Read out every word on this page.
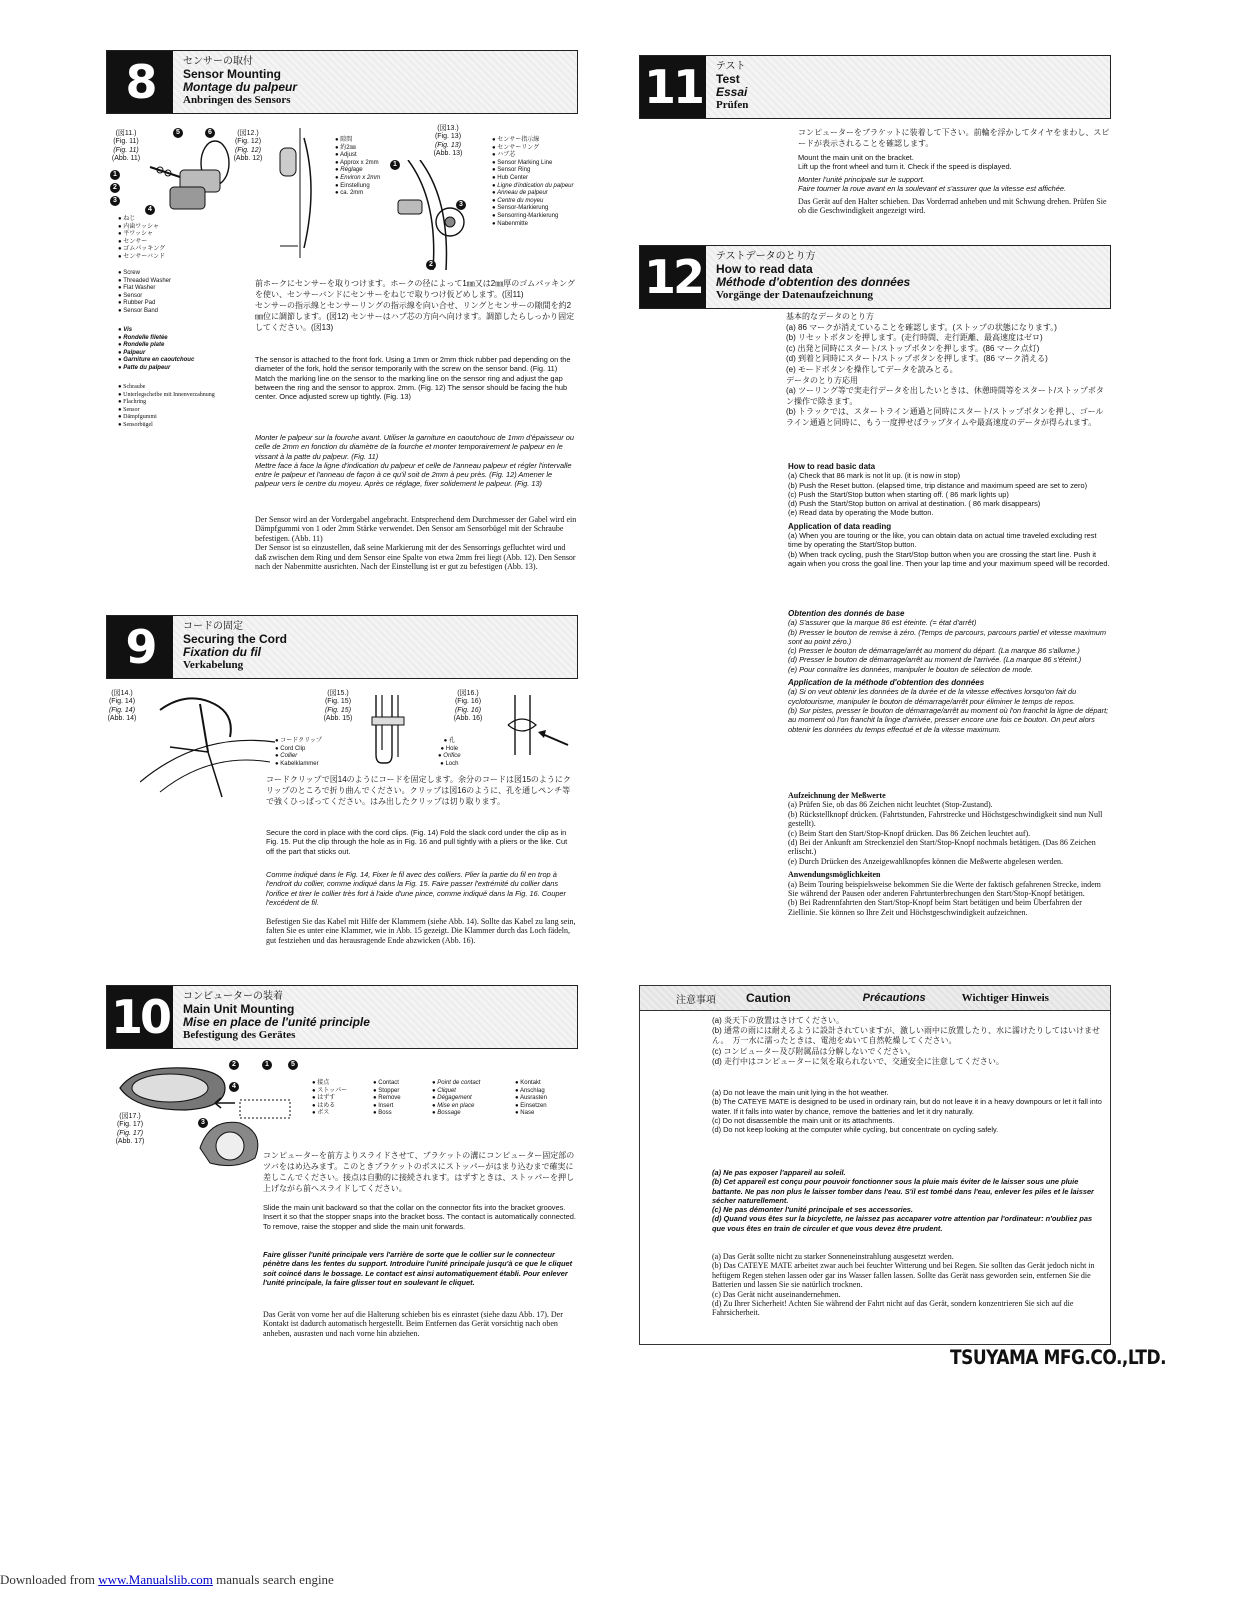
8	センサーの取付
Sensor Mounting
Montage du palpeur
Anbringen des Sensors
(図11.)
(Fig. 11)
(Fig. 11)
(Abb. 11)
1
2
3
4
5	6
● ねじ
● 内歯ワッシャ
● 平ワッシャ
● センサー
● ゴムパッキング
● センサーバンド
● Screw
● Threaded Washer
● Flat Washer
● Sensor
● Rubber Pad
● Sensor Band
● Vis
● Rondelle filetée
● Rondelle plate
● Palpeur
● Garniture en caoutchouc
● Patte du palpeur
● Schraube
● Unterlegscheibe mit Innenverzahnung
● Flachring
● Sensor
● Dämpfgummi
● Sensorbügel
(図12.)
(Fig. 12)
(Fig. 12)
(Abb. 12)
● 隙間
● 約2㎜
● Adjust
● Approx x 2mm
● Réglage
● Environ x 2mm
● Einstellung
● ca. 2mm
(図13.)
(Fig. 13)
(Fig. 13)
(Abb. 13)
1
2
3
● センサー指示線
● センサーリング
● ハブ芯
● Sensor Marking Line
● Sensor Ring
● Hub Center
● Ligne d'indication du palpeur
● Anneau de palpeur
● Centre du moyeu
● Sensor-Markierung
● Sensorring-Markierung
● Nabenmitte

前ホークにセンサーを取りつけます。ホークの径によって1㎜又は2㎜厚のゴムパッキングを使い、センサーバンドにセンサーをねじで取りつけ仮どめします。(図11)

センサーの指示線とセンサーリングの指示線を向い合せ、リングとセンサーの隙間を約2㎜位に調節します。(図12) センサーはハブ芯の方向へ向けます。調節したらしっかり固定してください。(図13)

The sensor is attached to the front fork. Using a 1mm or 2mm thick rubber pad depending on the diameter of the fork, hold the sensor temporarily with the screw on the sensor band. (Fig. 11)

Match the marking line on the sensor to the marking line on the sensor ring and adjust the gap between the ring and the sensor to approx. 2mm. (Fig. 12) The sensor should be facing the hub center. Once adjusted screw up tightly. (Fig. 13)

Monter le palpeur sur la fourche avant. Utiliser la garniture en caoutchouc de 1mm d'épaisseur ou celle de 2mm en fonction du diamètre de la fourche et monter temporairement le palpeur en le vissant à la patte du palpeur. (Fig. 11)

Mettre face à face la ligne d'indication du palpeur et celle de l'anneau palpeur et régler l'intervalle entre le palpeur et l'anneau de façon à ce qu'il soit de 2mm à peu près. (Fig. 12) Amener le palpeur vers le centre du moyeu. Après ce réglage, fixer solidement le palpeur. (Fig. 13)

Der Sensor wird an der Vordergabel angebracht. Entsprechend dem Durchmesser der Gabel wird ein Dämpfgummi von 1 oder 2mm Stärke verwendet. Den Sensor am Sensorbügel mit der Schraube befestigen. (Abb. 11)

Der Sensor ist so einzustellen, daß seine Markierung mit der des Sensorrings gefluchtet wird und daß zwischen dem Ring und dem Sensor eine Spalte von etwa 2mm frei liegt (Abb. 12). Den Sensor nach der Nabenmitte ausrichten. Nach der Einstellung ist er gut zu befestigen (Abb. 13).

9	コードの固定
Securing the Cord
Fixation du fil
Verkabelung
(図14.)
(Fig. 14)
(Fig. 14)
(Abb. 14)
(図15.)
(Fig. 15)
(Fig. 15)
(Abb. 15)
● コードクリップ
● Cord Clip
● Collier
● Kabelklammer
(図16.)
(Fig. 16)
(Fig. 16)
(Abb. 16)
● 孔
● Hole
● Orifice
● Loch

コードクリップで図14のようにコードを固定します。余分のコードは図15のようにクリップのところで折り曲んでください。クリップは図16のように、孔を通しペンチ等で強くひっぱってください。はみ出したクリップは切り取ります。

Secure the cord in place with the cord clips. (Fig. 14) Fold the slack cord under the clip as in Fig. 15. Put the clip through the hole as in Fig. 16 and pull tightly with a pliers or the like. Cut off the part that sticks out.

Comme indiqué dans le Fig. 14, Fixer le fil avec des colliers. Plier la partie du fil en trop à l'endroit du collier, comme indiqué dans la Fig. 15. Faire passer l'extrémité du collier dans l'orifice et tirer le collier très fort à l'aide d'une pince, comme indiqué dans la Fig. 16. Couper l'excédent de fil.

Befestigen Sie das Kabel mit Hilfe der Klammern (siehe Abb. 14). Sollte das Kabel zu lang sein, falten Sie es unter eine Klammer, wie in Abb. 15 gezeigt. Die Klammer durch das Loch fädeln, gut festziehen und das herausragende Ende abzwicken (Abb. 16).

10	コンピューターの装着
Main Unit Mounting
Mise en place de l'unité principle
Befestigung des Gerätes
2	1	5
4
3
(図17.)
(Fig. 17)
(Fig. 17)
(Abb. 17)
● 接点
● ストッパー
● はずす
● はめる
● ボス
● Contact
● Stopper
● Remove
● Insert
● Boss
● Point de contact
● Cliquet
● Dégagement
● Mise en place
● Bossage
● Kontakt
● Anschlag
● Ausrasten
● Einsetzen
● Nase

コンピューターを前方よりスライドさせて、ブラケットの溝にコンピューター固定部のツバをはめ込みます。このときブラケットのボスにストッパーがはまり込むまで確実に差しこんでください。接点は自動的に接続されます。はずすときは、ストッパーを押し上げながら前へスライドしてください。

Slide the main unit backward so that the collar on the connector fits into the bracket grooves. Insert it so that the stopper snaps into the bracket boss. The contact is automatically connected. To remove, raise the stopper and slide the main unit forwards.

Faire glisser l'unité principale vers l'arrière de sorte que le collier sur le connecteur pénètre dans les fentes du support. Introduire l'unité principale jusqu'à ce que le cliquet soit coincé dans le bossage. Le contact est ainsi automatiquement établi. Pour enlever l'unité principale, la faire glisser tout en soulevant le cliquet.

Das Gerät von vorne her auf die Halterung schieben bis es einrastet (siehe dazu Abb. 17). Der Kontakt ist dadurch automatisch hergestellt. Beim Entfernen das Gerät vorsichtig nach oben anheben, ausrasten und nach vorne hin abziehen.

11	テスト
Test
Essai
Prüfen

コンピューターをブラケットに装着して下さい。前輪を浮かしてタイヤをまわし、スピードが表示されることを確認します。

Mount the main unit on the bracket.

Lift up the front wheel and turn it. Check if the speed is displayed.

Monter l'unité principale sur le support.

Faire tourner la roue avant en la soulevant et s'assurer que la vitesse est affichée.

Das Gerät auf den Halter schieben. Das Vorderrad anheben und mit Schwung drehen. Prüfen Sie ob die Geschwindigkeit angezeigt wird.

12	テストデータのとり方
How to read data
Méthode d'obtention des données
Vorgänge der Datenaufzeichnung

基本的なデータのとり方

(a) 86 マークが消えていることを確認します。(ストップの状態になります。)

(b) リセットボタンを押します。(走行時間、走行距離、最高速度はゼロ)

(c) 出発と同時にスタート/ストップボタンを押します。(86 マーク点灯)

(d) 到着と同時にスタート/ストップボタンを押します。(86 マーク消える)

(e) モードボタンを操作してデータを読みとる。

データのとり方応用

(a) ツーリング等で実走行データを出したいときは、休憩時間等をスタート/ストップボタン操作で除きます。

(b) トラックでは、スタートライン通過と同時にスタート/ストップボタンを押し、ゴールライン通過と同時に、もう一度押せばラップタイムや最高速度のデータが得られます。

How to read basic data

(a) Check that 86 mark is not lit up. (it is now in stop)

(b) Push the Reset button. (elapsed time, trip distance and maximum speed are set to zero)

(c) Push the Start/Stop button when starting off. ( 86 mark lights up)

(d) Push the Start/Stop button on arrival at destination. ( 86 mark disappears)

(e) Read data by operating the Mode button.

Application of data reading

(a) When you are touring or the like, you can obtain data on actual time traveled excluding rest time by operating the Start/Stop button.

(b) When track cycling, push the Start/Stop button when you are crossing the start line. Push it again when you cross the goal line. Then your lap time and your maximum speed will be recorded.

Obtention des donnés de base

(a) S'assurer que la marque 86 est éteinte. (= état d'arrêt)

(b) Presser le bouton de remise à zéro. (Temps de parcours, parcours partiel et vitesse maximum sont au point zéro.)

(c) Presser le bouton de démarrage/arrêt au moment du départ. (La marque 86 s'allume.)

(d) Presser le bouton de démarrage/arrêt au moment de l'arrivée. (La marque 86 s'éteint.)

(e) Pour connaître les données, manipuler le bouton de sélection de mode.

Application de la méthode d'obtention des données

(a) Si on veut obtenir les données de la durée et de la vitesse effectives lorsqu'on fait du cyclotourisme, manipuler le bouton de démarrage/arrêt pour éliminer le temps de repos.

(b) Sur pistes, presser le bouton de démarrage/arrêt au moment où l'on franchit la ligne de départ; au moment où l'on franchit la linge d'arrivée, presser encore une fois ce bouton. On peut alors obtenir les données du temps effectué et de la vitesse maximum.

Aufzeichnung der Meßwerte

(a) Prüfen Sie, ob das 86 Zeichen nicht leuchtet (Stop-Zustand).

(b) Rückstellknopf drücken. (Fahrtstunden, Fahrstrecke und Höchstgeschwindigkeit sind nun Null gestellt).

(c) Beim Start den Start/Stop-Knopf drücken. Das 86 Zeichen leuchtet auf).

(d) Bei der Ankunft am Streckenziel den Start/Stop-Knopf nochmals betätigen. (Das 86 Zeichen erlischt.)

(e) Durch Drücken des Anzeigewahlknopfes können die Meßwerte abgelesen werden.

Anwendungsmöglichkeiten

(a) Beim Touring beispielsweise bekommen Sie die Werte der faktisch gefahrenen Strecke, indem Sie während der Pausen oder anderen Fahrtunterbrechungen den Start/Stop-Knopf betätigen.

(b) Bei Radrennfahrten den Start/Stop-Knopf beim Start betätigen und beim Überfahren der Ziellinie. Sie können so Ihre Zeit und Höchstgeschwindigkeit aufzeichnen.

注意事項	Caution	Précautions	Wichtiger Hinweis

(a) 炎天下の放置はさけてください。

(b) 通常の雨には耐えるように設計されていますが、激しい雨中に放置したり、水に濡けたりしてはいけません。　万一水に濡ったときは、電池をぬいて自然乾燥してください。

(c) コンピューター及び附属品は分解しないでください。

(d) 走行中はコンピューターに気を取られないで、交通安全に注意してください。

(a) Do not leave the main unit lying in the hot weather.

(b) The CATEYE MATE is designed to be used in ordinary rain, but do not leave it in a heavy downpours or let it fall into water. If it falls into water by chance, remove the batteries and let it dry naturally.

(c) Do not disassemble the main unit or its attachments.

(d) Do not keep looking at the computer while cycling, but concentrate on cycling safely.

(a) Ne pas exposer l'appareil au soleil.

(b) Cet appareil est conçu pour pouvoir fonctionner sous la pluie mais éviter de le laisser sous une pluie battante. Ne pas non plus le laisser tomber dans l'eau. S'il est tombé dans l'eau, enlever les piles et le laisser sécher naturellement.

(c) Ne pas démonter l'unité principale et ses accessories.

(d) Quand vous êtes sur la bicyclette, ne laissez pas accaparer votre attention par l'ordinateur: n'oubliez pas que vous êtes en train de circuler et que vous devez être prudent.

(a) Das Gerät sollte nicht zu starker Sonneneinstrahlung ausgesetzt werden.

(b) Das CATEYE MATE arbeitet zwar auch bei feuchter Witterung und bei Regen. Sie sollten das Gerät jedoch nicht in heftigem Regen stehen lassen oder gar ins Wasser fallen lassen. Sollte das Gerät nass geworden sein, entfernen Sie die Batterien und lassen Sie sie natürlich trocknen.

(c) Das Gerät nicht auseinandernehmen.

(d) Zu Ihrer Sicherheit! Achten Sie während der Fahrt nicht auf das Gerät, sondern konzentrieren Sie sich auf die Fahrsicherheit.

TSUYAMA MFG.CO.,LTD.
Downloaded from www.Manualslib.com manuals search engine
